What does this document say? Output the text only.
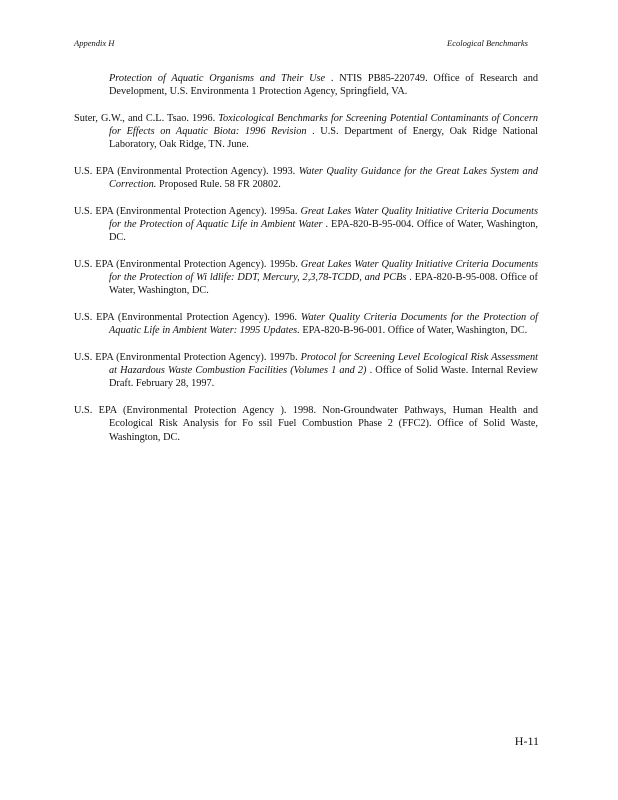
Appendix H	Ecological Benchmarks
Protection of Aquatic Organisms and Their Use . NTIS PB85-220749. Office of Research and Development, U.S. Environmenta 1 Protection Agency, Springfield, VA.
Suter, G.W., and C.L. Tsao. 1996. Toxicological Benchmarks for Screening Potential Contaminants of Concern for Effects on Aquatic Biota: 1996 Revision . U.S. Department of Energy, Oak Ridge National Laboratory, Oak Ridge, TN. June.
U.S. EPA (Environmental Protection Agency). 1993. Water Quality Guidance for the Great Lakes System and Correction. Proposed Rule. 58 FR 20802.
U.S. EPA (Environmental Protection Agency). 1995a. Great Lakes Water Quality Initiative Criteria Documents for the Protection of Aquatic Life in Ambient Water . EPA-820-B-95-004. Office of Water, Washington, DC.
U.S. EPA (Environmental Protection Agency). 1995b. Great Lakes Water Quality Initiative Criteria Documents for the Protection of Wi ldlife: DDT, Mercury, 2,3,78-TCDD, and PCBs . EPA-820-B-95-008. Office of Water, Washington, DC.
U.S. EPA (Environmental Protection Agency). 1996. Water Quality Criteria Documents for the Protection of Aquatic Life in Ambient Water: 1995 Updates. EPA-820-B-96-001. Office of Water, Washington, DC.
U.S. EPA (Environmental Protection Agency). 1997b. Protocol for Screening Level Ecological Risk Assessment at Hazardous Waste Combustion Facilities (Volumes 1 and 2) . Office of Solid Waste. Internal Review Draft. February 28, 1997.
U.S. EPA (Environmental Protection Agency ). 1998. Non-Groundwater Pathways, Human Health and Ecological Risk Analysis for Fo ssil Fuel Combustion Phase 2 (FFC2). Office of Solid Waste, Washington, DC.
H-11
